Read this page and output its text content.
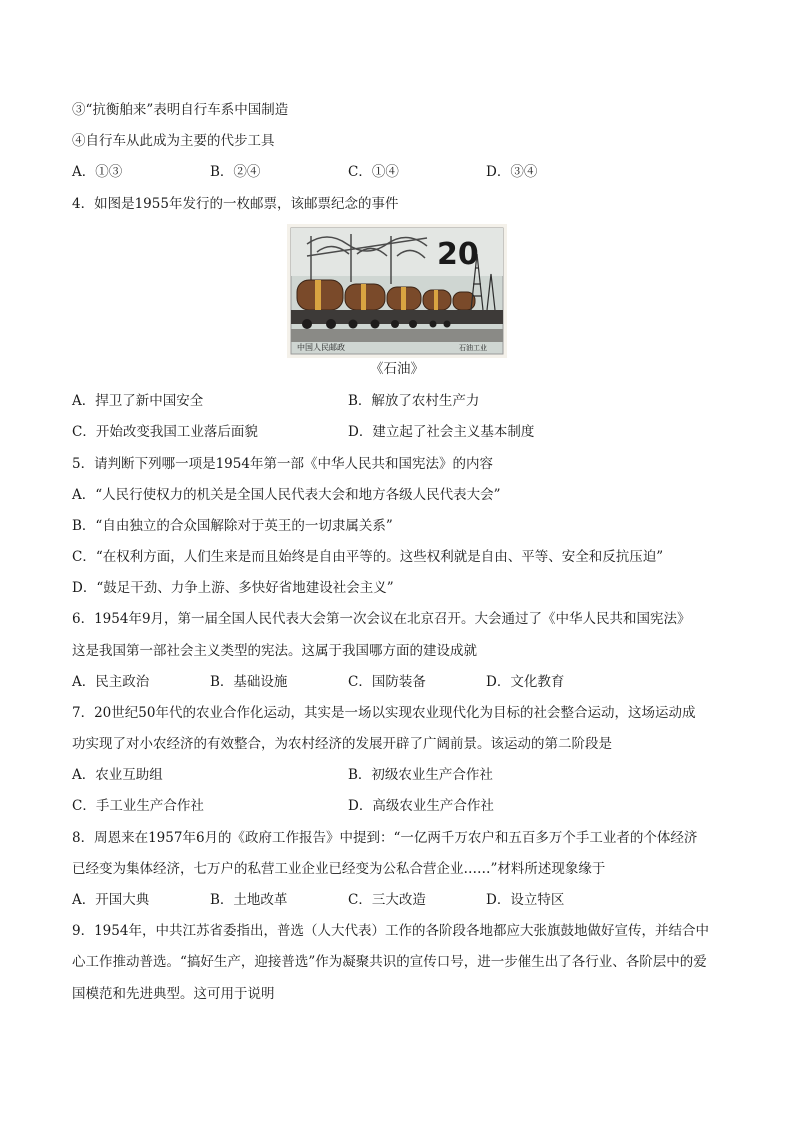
③“抗衡舶来”表明自行车系中国制造
④自行车从此成为主要的代步工具
A．①③	B．②④	C．①④	D．③④
4．如图是1955年发行的一枚邮票，该邮票纪念的事件
20
中国人民邮政	石油工业
《石油》
A．捍卫了新中国安全	B．解放了农村生产力
C．开始改变我国工业落后面貌	D．建立起了社会主义基本制度
5．请判断下列哪一项是1954年第一部《中华人民共和国宪法》的内容
A．“人民行使权力的机关是全国人民代表大会和地方各级人民代表大会”
B．“自由独立的合众国解除对于英王的一切隶属关系”
C．“在权利方面，人们生来是而且始终是自由平等的。这些权利就是自由、平等、安全和反抗压迫”
D．“鼓足干劲、力争上游、多快好省地建设社会主义”
6．1954年9月，第一届全国人民代表大会第一次会议在北京召开。大会通过了《中华人民共和国宪法》
这是我国第一部社会主义类型的宪法。这属于我国哪方面的建设成就
A．民主政治	B．基础设施	C．国防装备	D．文化教育
7．20世纪50年代的农业合作化运动，其实是一场以实现农业现代化为目标的社会整合运动，这场运动成
功实现了对小农经济的有效整合，为农村经济的发展开辟了广阔前景。该运动的第二阶段是
A．农业互助组	B．初级农业生产合作社
C．手工业生产合作社	D．高级农业生产合作社
8．周恩来在1957年6月的《政府工作报告》中提到：“一亿两千万农户和五百多万个手工业者的个体经济
已经变为集体经济，七万户的私营工业企业已经变为公私合营企业……”材料所述现象缘于
A．开国大典	B．土地改革	C．三大改造	D．设立特区
9．1954年，中共江苏省委指出，普选（人大代表）工作的各阶段各地都应大张旗鼓地做好宣传，并结合中
心工作推动普选。“搞好生产，迎接普选”作为凝聚共识的宣传口号，进一步催生出了各行业、各阶层中的爱
国模范和先进典型。这可用于说明
